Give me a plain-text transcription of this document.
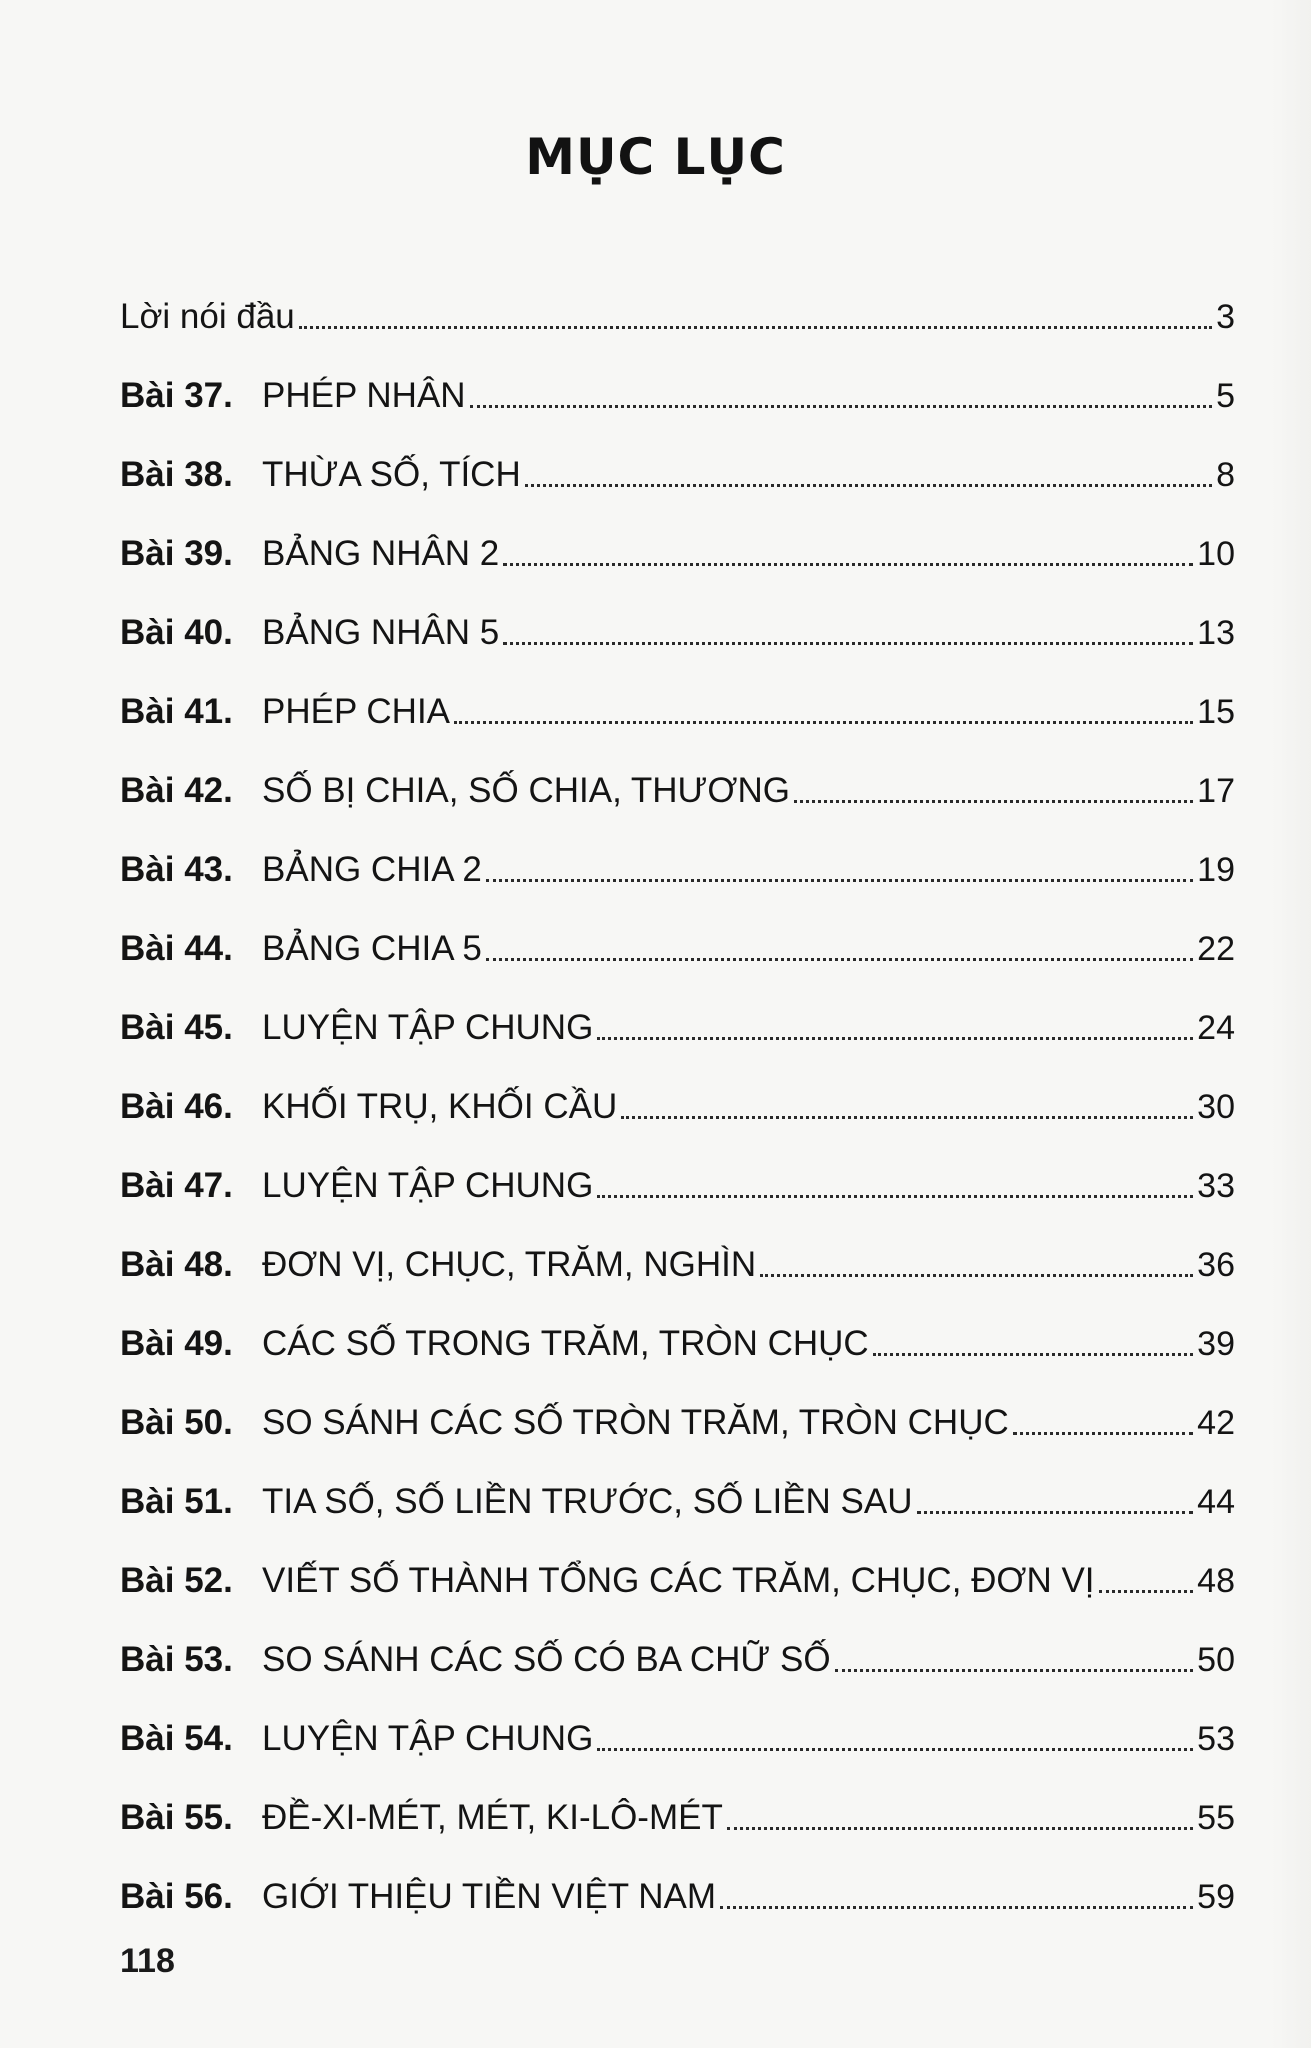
MỤC LỤC
Lời nói đầu	3
Bài 37. PHÉP NHÂN	5
Bài 38. THỪA SỐ, TÍCH	8
Bài 39. BẢNG NHÂN 2	10
Bài 40. BẢNG NHÂN 5	13
Bài 41. PHÉP CHIA	15
Bài 42. SỐ BỊ CHIA, SỐ CHIA, THƯƠNG	17
Bài 43. BẢNG CHIA 2	19
Bài 44. BẢNG CHIA 5	22
Bài 45. LUYỆN TẬP CHUNG	24
Bài 46. KHỐI TRỤ, KHỐI CẦU	30
Bài 47. LUYỆN TẬP CHUNG	33
Bài 48. ĐƠN VỊ, CHỤC, TRĂM, NGHÌN	36
Bài 49. CÁC SỐ TRONG TRĂM, TRÒN CHỤC	39
Bài 50. SO SÁNH CÁC SỐ TRÒN TRĂM, TRÒN CHỤC	42
Bài 51. TIA SỐ, SỐ LIỀN TRƯỚC, SỐ LIỀN SAU	44
Bài 52. VIẾT SỐ THÀNH TỔNG CÁC TRĂM, CHỤC, ĐƠN VỊ	48
Bài 53. SO SÁNH CÁC SỐ CÓ BA CHỮ SỐ	50
Bài 54. LUYỆN TẬP CHUNG	53
Bài 55. ĐỀ-XI-MÉT, MÉT, KI-LÔ-MÉT	55
Bài 56. GIỚI THIỆU TIỀN VIỆT NAM	59
118
